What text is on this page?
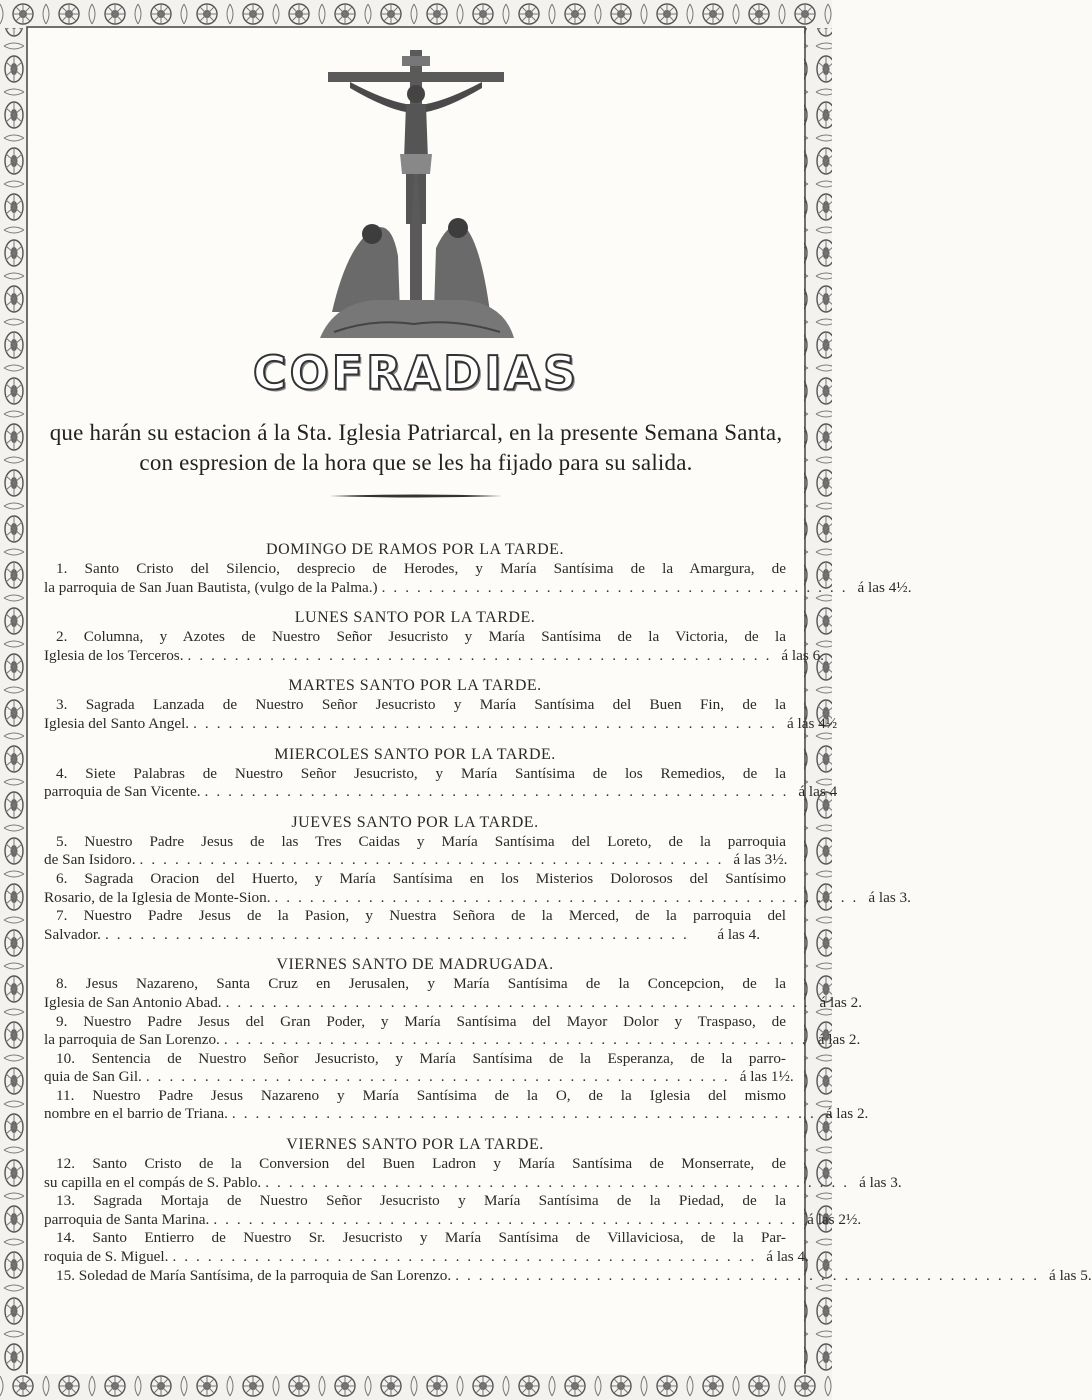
COFRADIAS
que harán su estacion á la Sta. Iglesia Patriarcal, en la presente Semana Santa,
con espresion de la hora que se les ha fijado para su salida.
DOMINGO DE RAMOS POR LA TARDE.
1. Santo Cristo del Silencio, desprecio de Herodes, y María Santísima de la Amargura, de
la parroquia de San Juan Bautista, (vulgo de la Palma.) ........................................ á las 4½.
LUNES SANTO POR LA TARDE.
2. Columna, y Azotes de Nuestro Señor Jesucristo y María Santísima de la Victoria, de la
Iglesia de los Terceros. .................................................. á las 6.
MARTES SANTO POR LA TARDE.
3. Sagrada Lanzada de Nuestro Señor Jesucristo y María Santísima del Buen Fin, de la
Iglesia del Santo Angel. .................................................. á las 4½
MIERCOLES SANTO POR LA TARDE.
4. Siete Palabras de Nuestro Señor Jesucristo, y María Santísima de los Remedios, de la
parroquia de San Vicente. .................................................. á las 4
JUEVES SANTO POR LA TARDE.
5. Nuestro Padre Jesus de las Tres Caidas y María Santísima del Loreto, de la parroquia
de San Isidoro. .................................................. á las 3½.
6. Sagrada Oracion del Huerto, y María Santísima en los Misterios Dolorosos del Santísimo
Rosario, de la Iglesia de Monte-Sion. .................................................. á las 3.
7. Nuestro Padre Jesus de la Pasion, y Nuestra Señora de la Merced, de la parroquia del
Salvador. ..................................................	á las 4.
VIERNES SANTO DE MADRUGADA.
8. Jesus Nazareno, Santa Cruz en Jerusalen, y María Santísima de la Concepcion, de la
Iglesia de San Antonio Abad. .................................................. á las 2.
9. Nuestro Padre Jesus del Gran Poder, y María Santísima del Mayor Dolor y Traspaso, de
la parroquia de San Lorenzo. .................................................. á las 2.
10. Sentencia de Nuestro Señor Jesucristo, y María Santísima de la Esperanza, de la parro-
quia de San Gil. .................................................. á las 1½.
11. Nuestro Padre Jesus Nazareno y María Santísima de la O, de la Iglesia del mismo
nombre en el barrio de Triana. .................................................. á las 2.
VIERNES SANTO POR LA TARDE.
12. Santo Cristo de la Conversion del Buen Ladron y María Santísima de Monserrate, de
su capilla en el compás de S. Pablo. .................................................. á las 3.
13. Sagrada Mortaja de Nuestro Señor Jesucristo y María Santísima de la Piedad, de la
parroquia de Santa Marina. .................................................. á las 2½.
14. Santo Entierro de Nuestro Sr. Jesucristo y María Santísima de Villaviciosa, de la Par-
roquia de S. Miguel. .................................................. á las 4.
15. Soledad de María Santísima, de la parroquia de San Lorenzo. .................................................. á las 5.
